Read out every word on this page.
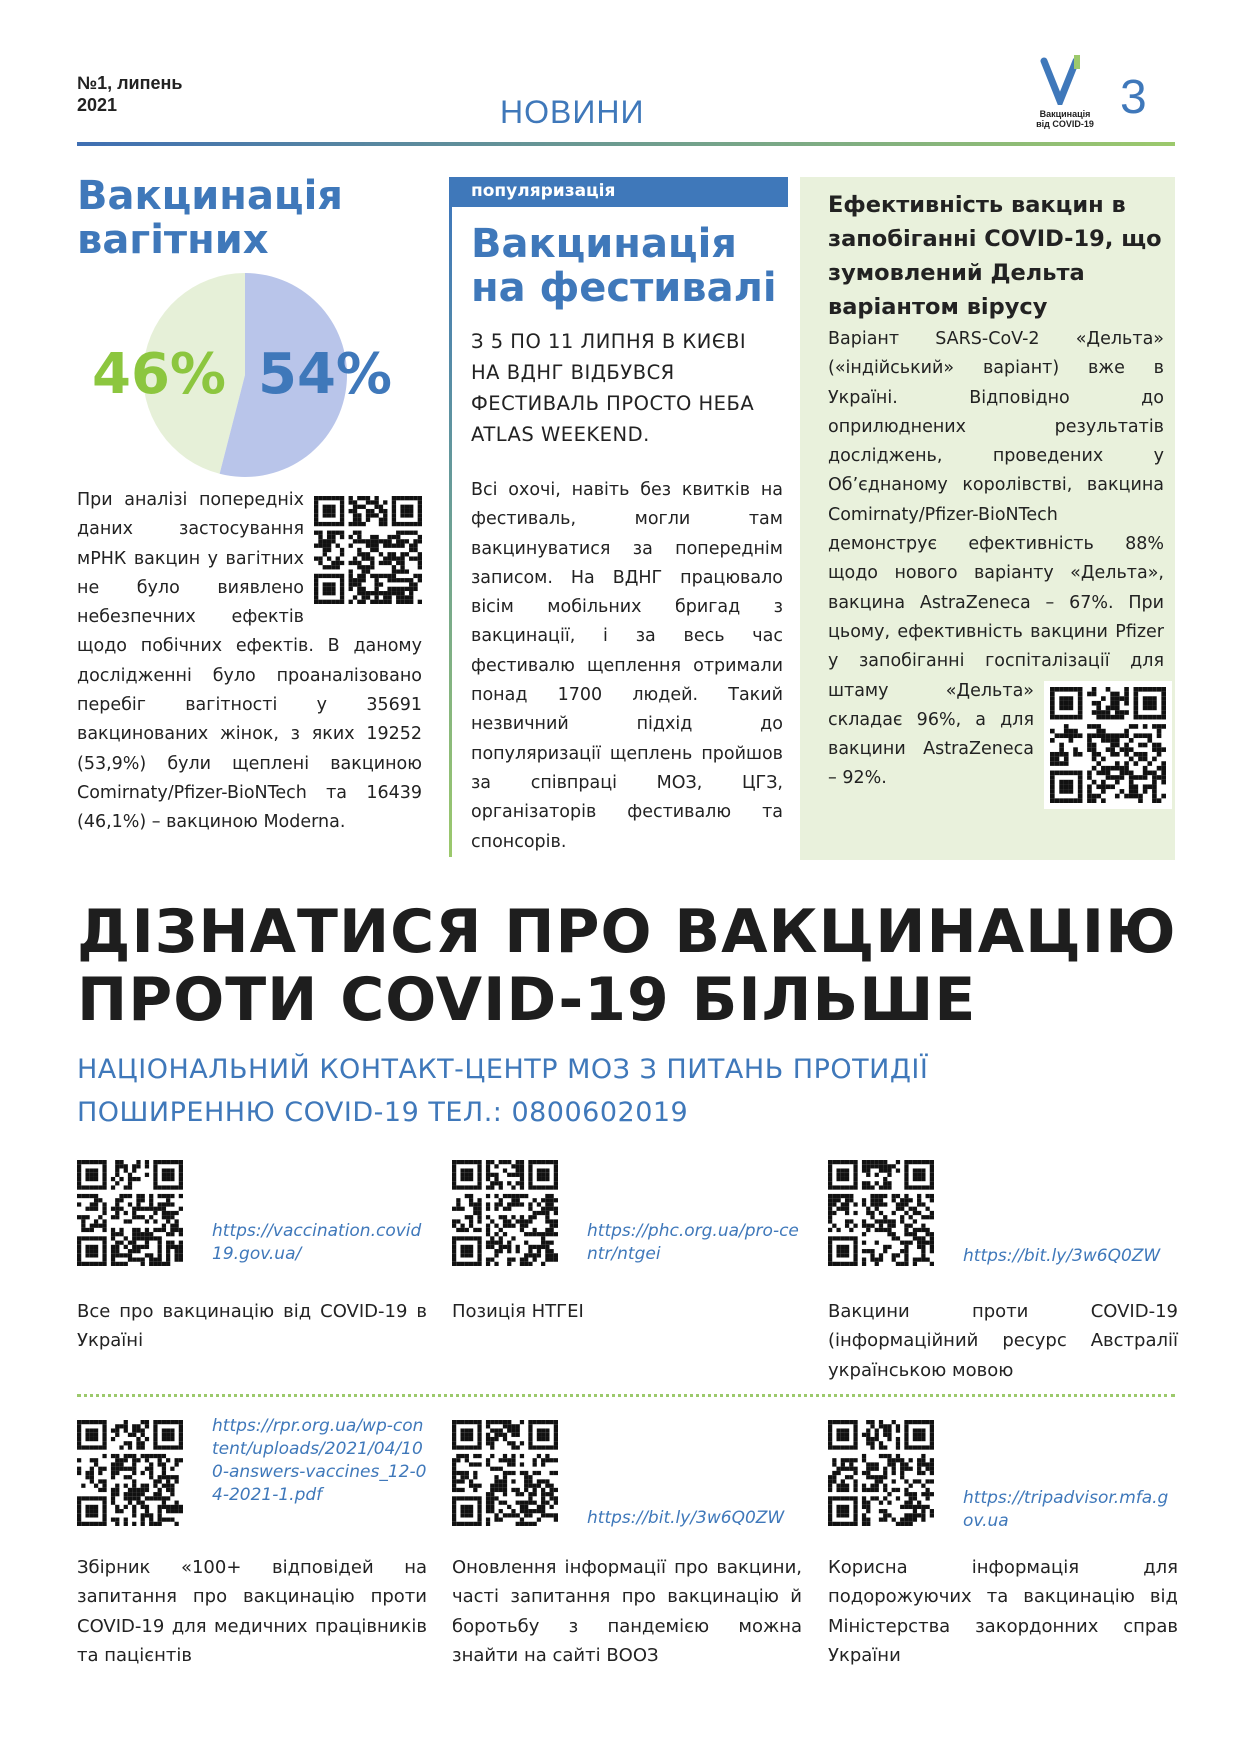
№1, липень
2021	НОВИНИ	Вакцинація
від COVID-19 3
Вакцинація вагітних
46% 54%
При аналізі попередніх даних застосування мРНК вакцин у вагітних не було виявлено небезпечних ефектів щодо побічних ефектів. В даному дослідженні було проаналізовано перебіг вагітності у 35691 вакцинованих жінок, з яких 19252 (53,9%) були щеплені вакциною Comirnaty/Pfizer-BioNTech та 16439 (46,1%) – вакциною Moderna.
популяризація
Вакцинація на фестивалі
З 5 ПО 11 ЛИПНЯ В КИЄВІ НА ВДНГ ВІДБУВСЯ ФЕСТИВАЛЬ ПРОСТО НЕБА ATLAS WEEKEND.
Всі охочі, навіть без квитків на фестиваль, могли там вакцинуватися за попереднім записом. На ВДНГ працювало вісім мобільних бригад з вакцинації, і за весь час фестивалю щеплення отримали понад 1700 людей. Такий незвичний підхід до популяризації щеплень пройшов за співпраці МОЗ, ЦГЗ, організаторів фестивалю та спонсорів.
Ефективність вакцин в запобіганні COVID-19, що зумовлений Дельта варіантом вірусу
Варіант SARS-CoV-2 «Дельта» («індійський» варіант) вже в Україні. Відповідно до оприлюднених результатів досліджень, проведених у Об’єднаному королівстві, вакцина Comirnaty/Pfizer-BioNTech демонструє ефективність 88% щодо нового варіанту «Дельта», вакцина AstraZeneca – 67%. При цьому, ефективність вакцини Pfizer у запобіганні госпіталізації для штаму «Дельта»
складає 96%, а для вакцини AstraZeneca – 92%.
ДІЗНАТИСЯ ПРО ВАКЦИНАЦІЮ ПРОТИ COVID-19 БІЛЬШЕ
НАЦІОНАЛЬНИЙ КОНТАКТ-ЦЕНТР МОЗ З ПИТАНЬ ПРОТИДІЇ ПОШИРЕННЮ COVID-19 ТЕЛ.: 0800602019
https://vaccination.covid19.gov.ua/
Все про вакцинацію від COVID-19 в Україні
https://phc.org.ua/pro-centr/ntgei
Позиція НТГЕІ
https://bit.ly/3w6Q0ZW
Вакцини проти COVID-19 (інформаційний ресурс Австралії українською мовою
https://rpr.org.ua/wp-content/uploads/2021/04/100-answers-vaccines_12-04-2021-1.pdf
Збірник «100+ відповідей на запитання про вакцинацію проти COVID-19 для медичних працівників та пацієнтів
https://bit.ly/3w6Q0ZW
Оновлення інформації про вакцини, часті запитання про вакцинацію й боротьбу з пандемією можна знайти на сайті ВООЗ
https://tripadvisor.mfa.gov.ua
Корисна інформація для подорожуючих та вакцинацію від Міністерства закордонних справ України
